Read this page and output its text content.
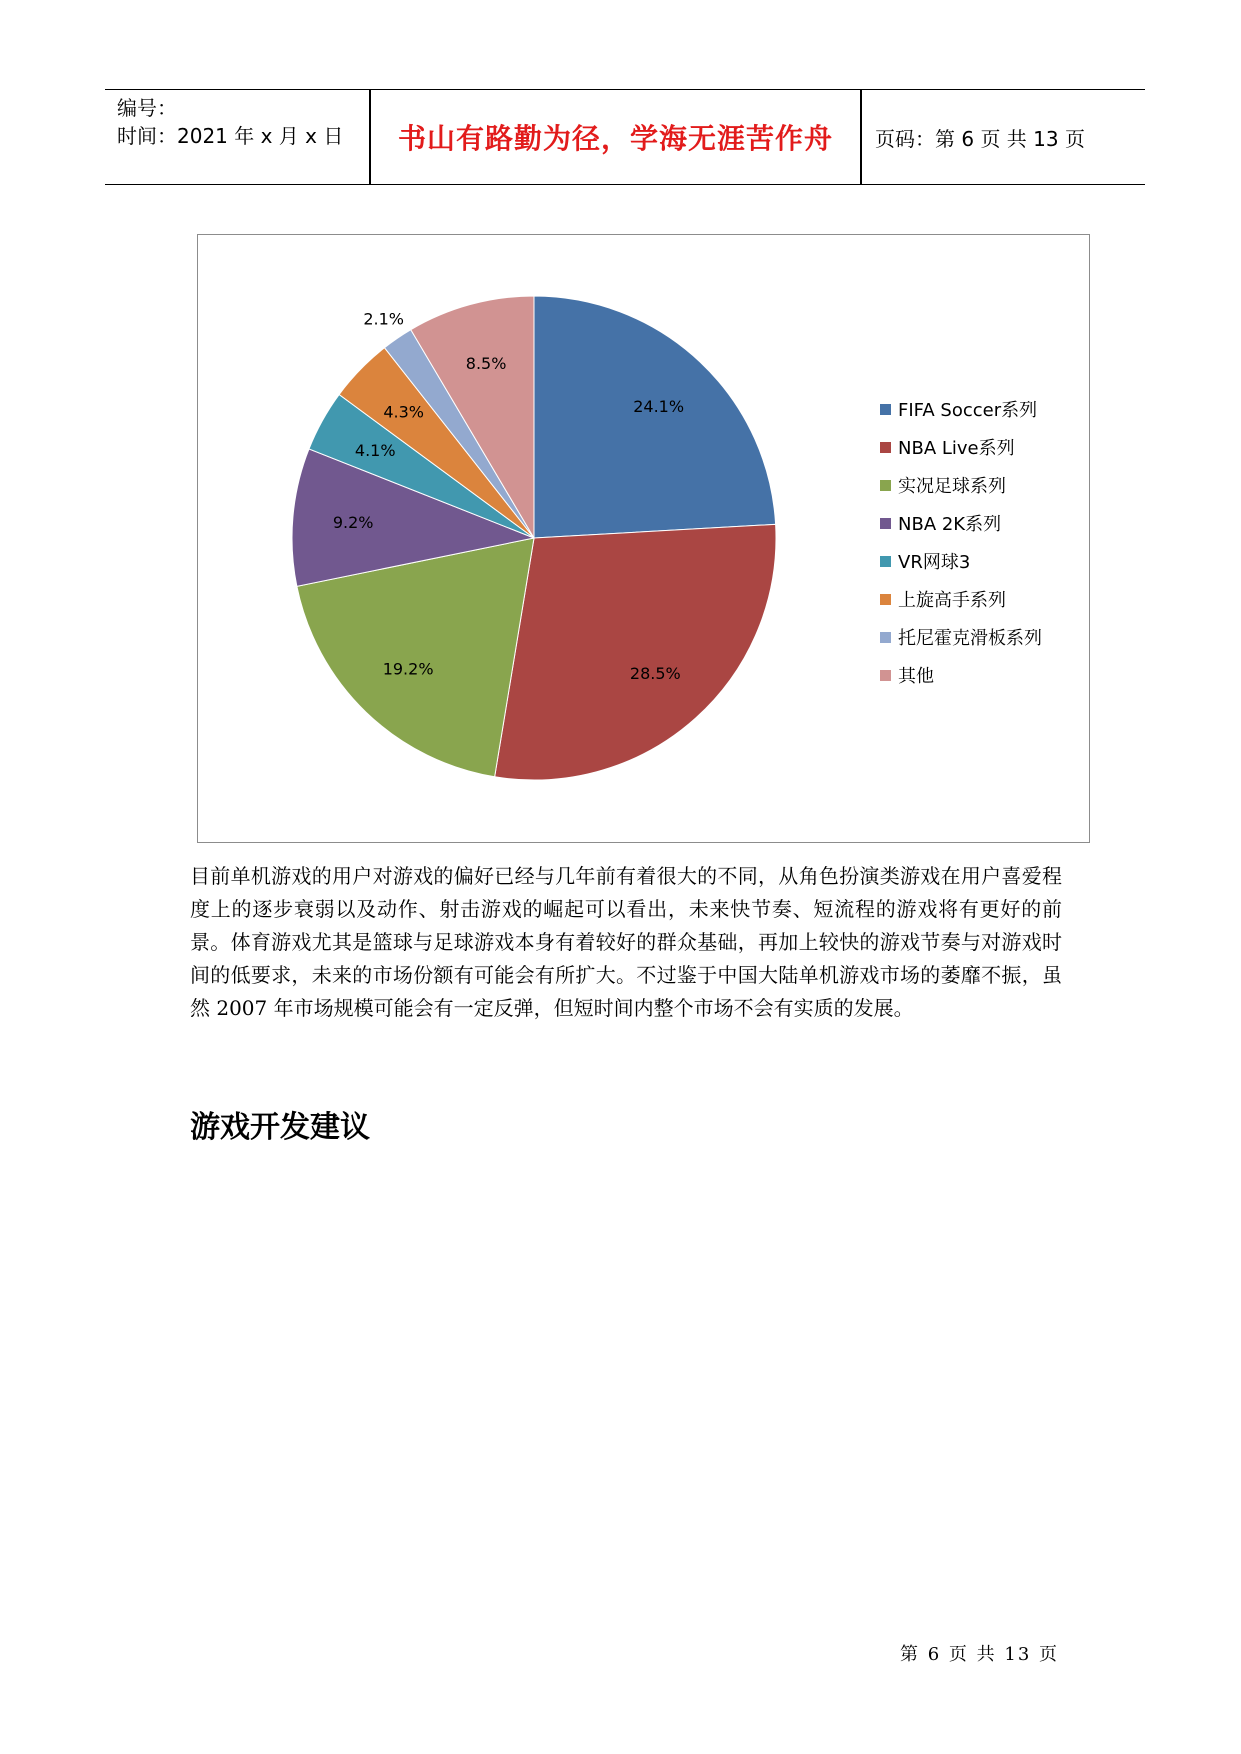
编号：
时间：2021 年 x 月 x 日	书山有路勤为径，学海无涯苦作舟	页码：第 6 页 共 13 页
24.1%
28.5%
19.2%
9.2%
4.1%
4.3%
2.1%
8.5%
FIFA Soccer系列
NBA Live系列
实况足球系列
NBA 2K系列
VR网球3
上旋高手系列
托尼霍克滑板系列
其他
目前单机游戏的用户对游戏的偏好已经与几年前有着很大的不同，从角色扮演类游戏在用户喜爱程度上的逐步衰弱以及动作、射击游戏的崛起可以看出，未来快节奏、短流程的游戏将有更好的前景。体育游戏尤其是篮球与足球游戏本身有着较好的群众基础，再加上较快的游戏节奏与对游戏时间的低要求，未来的市场份额有可能会有所扩大。不过鉴于中国大陆单机游戏市场的萎靡不振，虽然 2007 年市场规模可能会有一定反弹，但短时间内整个市场不会有实质的发展。
游戏开发建议
第 6 页 共 13 页
